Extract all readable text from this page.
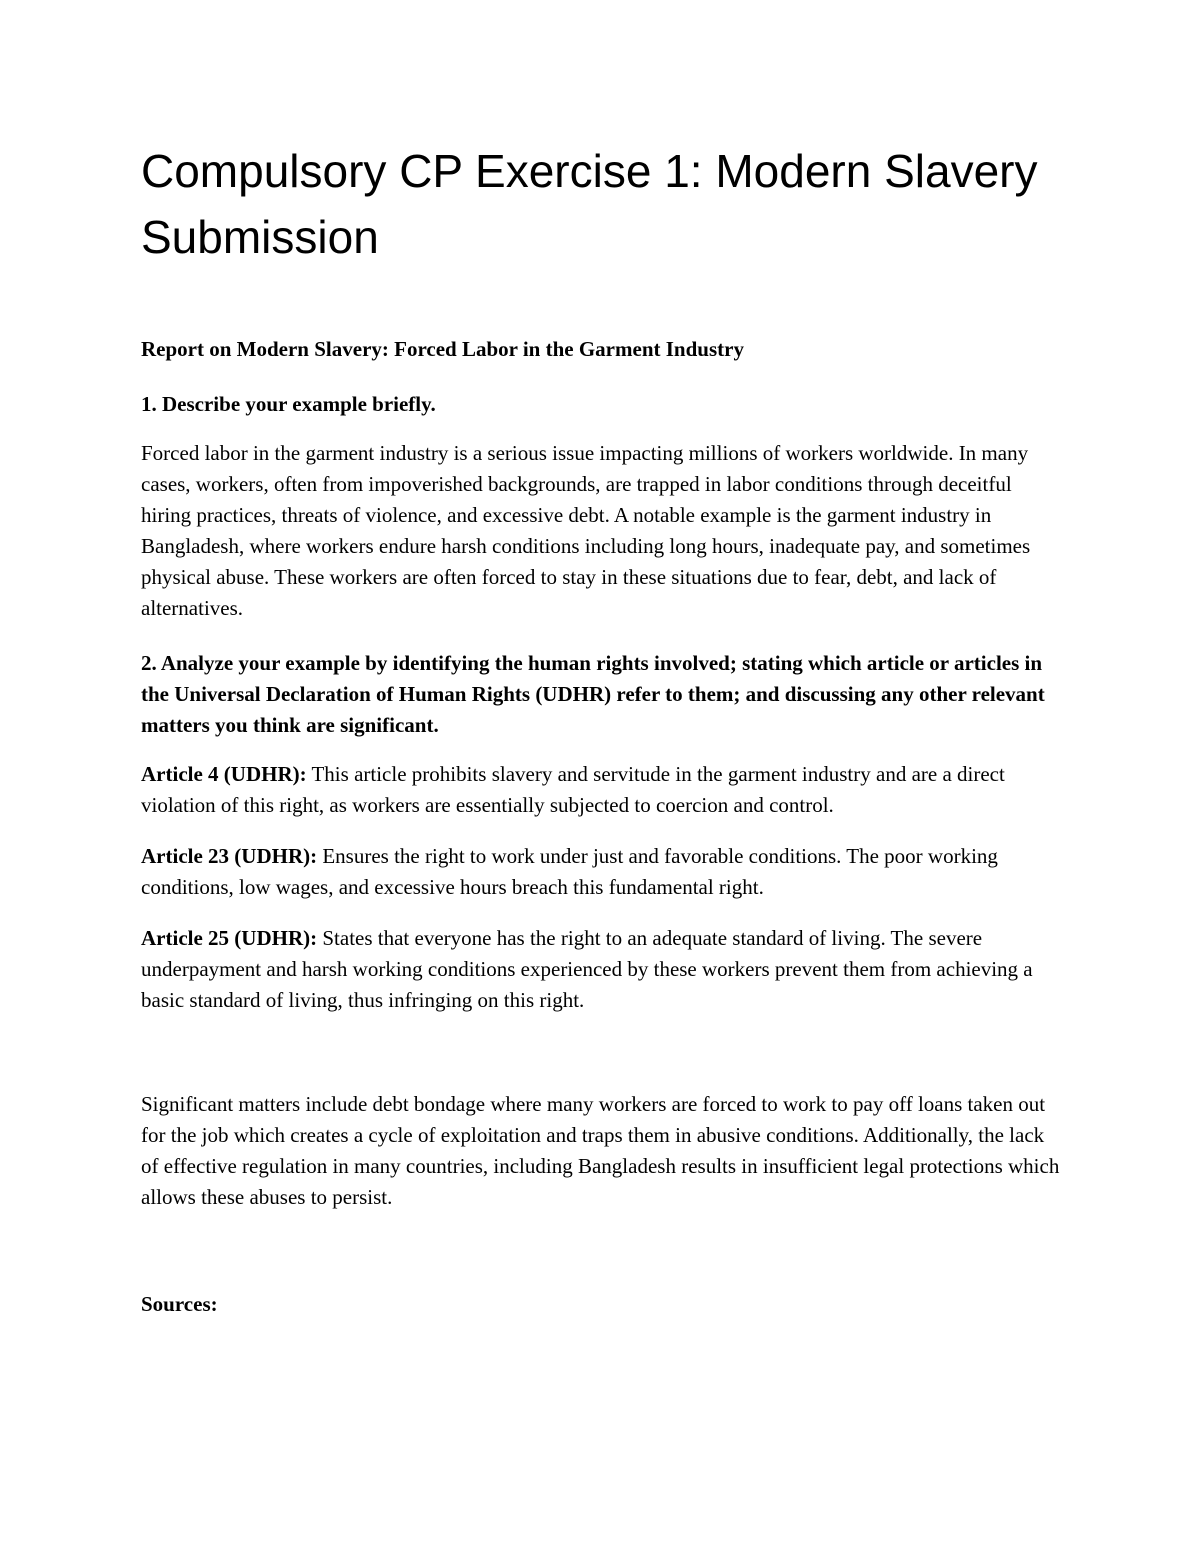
Compulsory CP Exercise 1: Modern Slavery Submission
Report on Modern Slavery: Forced Labor in the Garment Industry
1. Describe your example briefly.

Forced labor in the garment industry is a serious issue impacting millions of workers worldwide. In many cases, workers, often from impoverished backgrounds, are trapped in labor conditions through deceitful hiring practices, threats of violence, and excessive debt. A notable example is the garment industry in Bangladesh, where workers endure harsh conditions including long hours, inadequate pay, and sometimes physical abuse. These workers are often forced to stay in these situations due to fear, debt, and lack of alternatives.

2. Analyze your example by identifying the human rights involved; stating which article or articles in the Universal Declaration of Human Rights (UDHR) refer to them; and discussing any other relevant matters you think are significant.

Article 4 (UDHR): This article prohibits slavery and servitude in the garment industry and are a direct violation of this right, as workers are essentially subjected to coercion and control.

Article 23 (UDHR): Ensures the right to work under just and favorable conditions. The poor working conditions, low wages, and excessive hours breach this fundamental right.

Article 25 (UDHR): States that everyone has the right to an adequate standard of living. The severe underpayment and harsh working conditions experienced by these workers prevent them from achieving a basic standard of living, thus infringing on this right.

Significant matters include debt bondage where many workers are forced to work to pay off loans taken out for the job which creates a cycle of exploitation and traps them in abusive conditions. Additionally, the lack of effective regulation in many countries, including Bangladesh results in insufficient legal protections which allows these abuses to persist.

Sources:
